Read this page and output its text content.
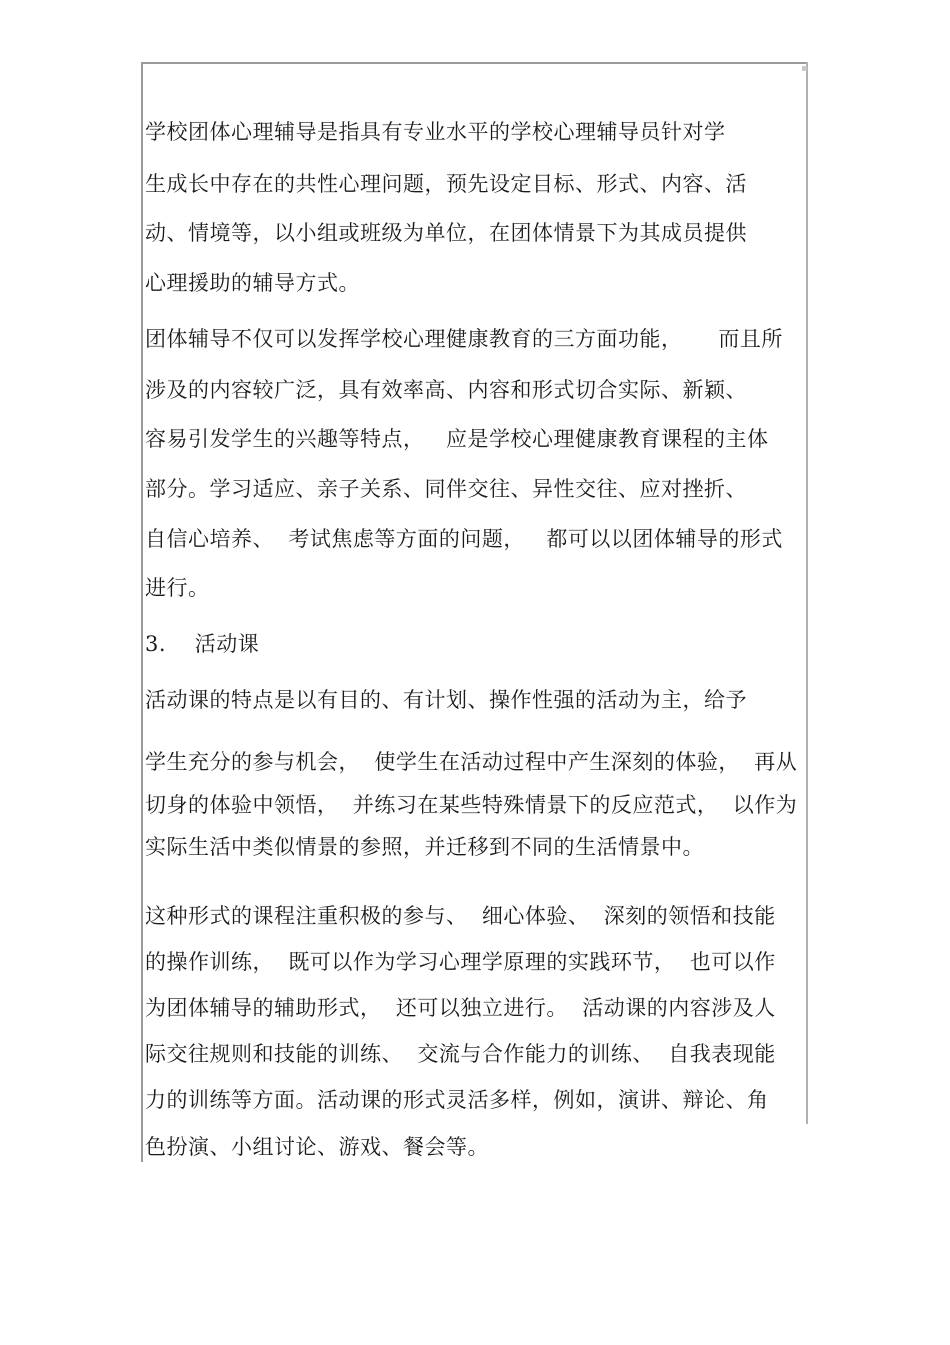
学校团体心理辅导是指具有专业水平的学校心理辅导员针对学
生成长中存在的共性心理问题，预先设定目标、形式、内容、活
动、情境等，以小组或班级为单位，在团体情景下为其成员提供
心理援助的辅导方式。
团体辅导不仅可以发挥学校心理健康教育的三方面功能，     而且所
涉及的内容较广泛，具有效率高、内容和形式切合实际、新颖、
容易引发学生的兴趣等特点，   应是学校心理健康教育课程的主体
部分。学习适应、亲子关系、同伴交往、异性交往、应对挫折、
自信心培养、  考试焦虑等方面的问题，   都可以以团体辅导的形式
进行。
3.    活动课
活动课的特点是以有目的、有计划、操作性强的活动为主，给予
学生充分的参与机会，  使学生在活动过程中产生深刻的体验，  再从
切身的体验中领悟，  并练习在某些特殊情景下的反应范式，  以作为
实际生活中类似情景的参照，并迁移到不同的生活情景中。
这种形式的课程注重积极的参与、  细心体验、  深刻的领悟和技能
的操作训练，  既可以作为学习心理学原理的实践环节，  也可以作
为团体辅导的辅助形式，  还可以独立进行。  活动课的内容涉及人
际交往规则和技能的训练、  交流与合作能力的训练、  自我表现能
力的训练等方面。活动课的形式灵活多样，例如，演讲、辩论、角
色扮演、小组讨论、游戏、餐会等。
